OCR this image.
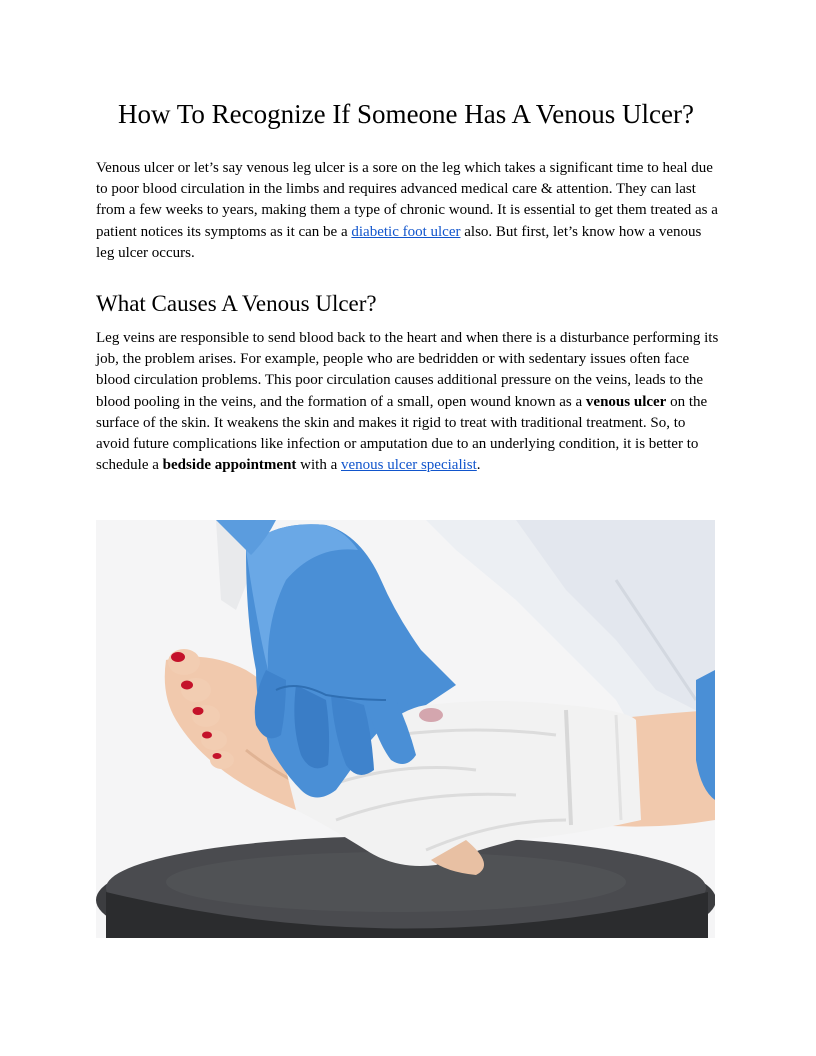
How To Recognize If Someone Has A Venous Ulcer?

Venous ulcer or let’s say venous leg ulcer is a sore on the leg which takes a significant time to heal due to poor blood circulation in the limbs and requires advanced medical care & attention. They can last from a few weeks to years, making them a type of chronic wound. It is essential to get them treated as a patient notices its symptoms as it can be a diabetic foot ulcer also. But first, let’s know how a venous leg ulcer occurs.

What Causes A Venous Ulcer?

Leg veins are responsible to send blood back to the heart and when there is a disturbance performing its job, the problem arises. For example, people who are bedridden or with sedentary issues often face blood circulation problems. This poor circulation causes additional pressure on the veins, leads to the blood pooling in the veins, and the formation of a small, open wound known as a venous ulcer on the surface of the skin. It weakens the skin and makes it rigid to treat with traditional treatment. So, to avoid future complications like infection or amputation due to an underlying condition, it is better to schedule a bedside appointment with a venous ulcer specialist.
